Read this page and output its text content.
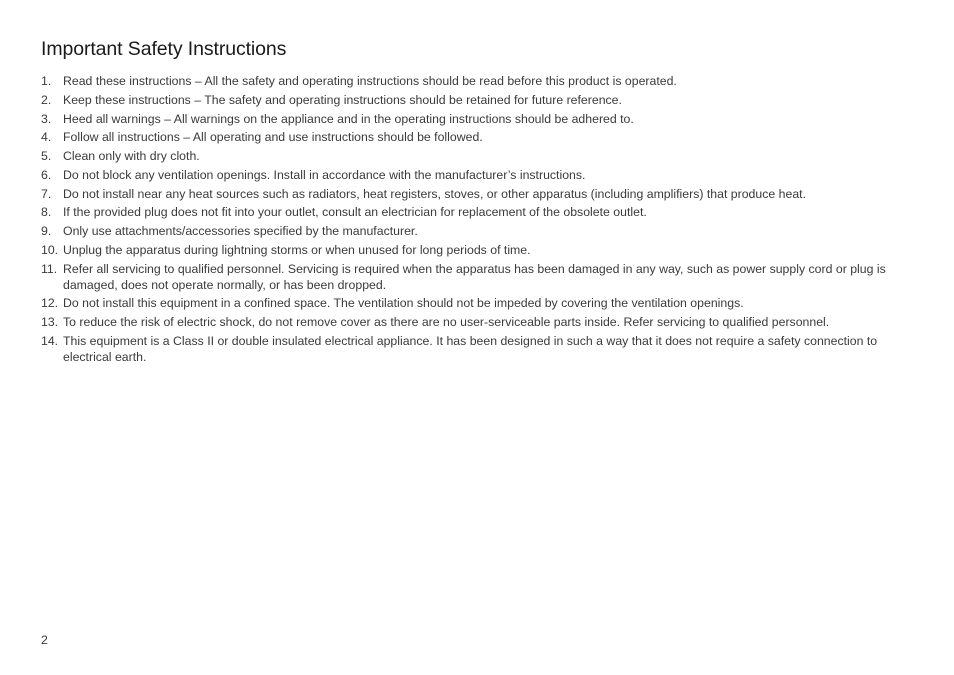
Important Safety Instructions
1. Read these instructions – All the safety and operating instructions should be read before this product is operated.
2. Keep these instructions – The safety and operating instructions should be retained for future reference.
3. Heed all warnings – All warnings on the appliance and in the operating instructions should be adhered to.
4. Follow all instructions – All operating and use instructions should be followed.
5. Clean only with dry cloth.
6. Do not block any ventilation openings. Install in accordance with the manufacturer’s instructions.
7. Do not install near any heat sources such as radiators, heat registers, stoves, or other apparatus (including amplifiers) that produce heat.
8. If the provided plug does not fit into your outlet, consult an electrician for replacement of the obsolete outlet.
9. Only use attachments/accessories specified by the manufacturer.
10. Unplug the apparatus during lightning storms or when unused for long periods of time.
11. Refer all servicing to qualified personnel. Servicing is required when the apparatus has been damaged in any way, such as power supply cord or plug is damaged, does not operate normally, or has been dropped.
12. Do not install this equipment in a confined space. The ventilation should not be impeded by covering the ventilation openings.
13. To reduce the risk of electric shock, do not remove cover as there are no user-serviceable parts inside. Refer servicing to qualified personnel.
14. This equipment is a Class II or double insulated electrical appliance. It has been designed in such a way that it does not require a safety connection to electrical earth.
2
